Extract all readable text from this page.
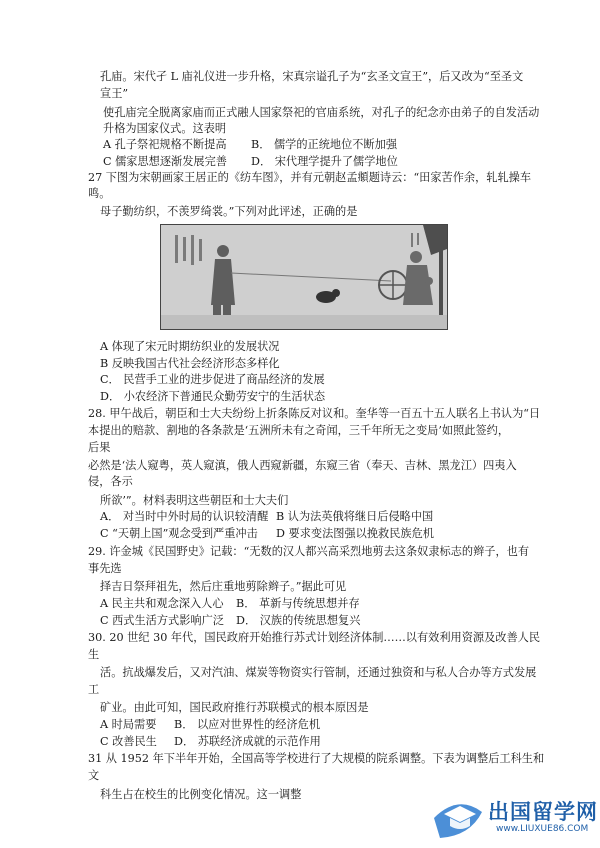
孔庙。宋代孑 L 庙礼仪进一步升格，宋真宗谥孔子为“玄圣文宣王”，后又改为“至圣文
宣王”
使孔庙完全脱离家庙而正式融人国家祭祀的官庙系统，对孔子的纪念亦由弟子的自发活动
升格为国家仪式。这表明
A 孔子祭祀规格不断提高 B． 儒学的正统地位不断加强
C 儒家思想逐渐发展完善 D． 宋代理学提升了儒学地位
27 下图为宋朝画家王居正的《纺车图》，并有元朝赵孟頫题诗云：“田家苦作余，轧轧操车
鸣。
母子勤纺织，不羡罗绮裳。”下列对此评述，正确的是
A 体现了宋元时期纺织业的发展状况
B 反映我国古代社会经济形态多样化
C． 民营手工业的进步促进了商品经济的发展
D． 小农经济下普通民众勤劳安宁的生活状态
28. 甲午战后，朝臣和士大夫纷纷上折条陈反对议和。奎华等一百五十五人联名上书认为“日
本提出的赔款、割地的各条款是‘五洲所未有之奇闻，三千年所无之变局’如照此签约，
后果
必然是‘法人窥粤，英人窥滇，俄人西窥新疆，东窥三省（奉天、吉林、黑龙江）四夷入
侵，各示
所欲’”。材料表明这些朝臣和士大夫们
A． 对当时中外时局的认识较清醒 B 认为法英俄将继日后侵略中国
C “天朝上国”观念受到严重冲击 D 要求变法图强以挽救民族危机
29. 许金城《民国野史》记载：“无数的汉人都兴高采烈地剪去这条奴隶标志的辫子，也有
事先选
择吉日祭拜祖先，然后庄重地剪除辫子。”据此可见
A 民主共和观念深入人心 B． 革新与传统思想并存
C 西式生活方式影响广泛 D． 汉族的传统思想复兴
30. 20 世纪 30 年代，国民政府开始推行苏式计划经济体制……以有效利用资源及改善人民
生
活。抗战爆发后，又对汽油、煤炭等物资实行管制，还通过独资和与私人合办等方式发展
工
矿业。由此可知，国民政府推行苏联模式的根本原因是
A 时局需要 B． 以应对世界性的经济危机
C 改善民生 D． 苏联经济成就的示范作用
31 从 1952 年下半年开始，全国高等学校进行了大规模的院系调整。下表为调整后工科生和
文
科生占在校生的比例变化情况。这一调整
出国留学网
www.LIUXUE86.COM
